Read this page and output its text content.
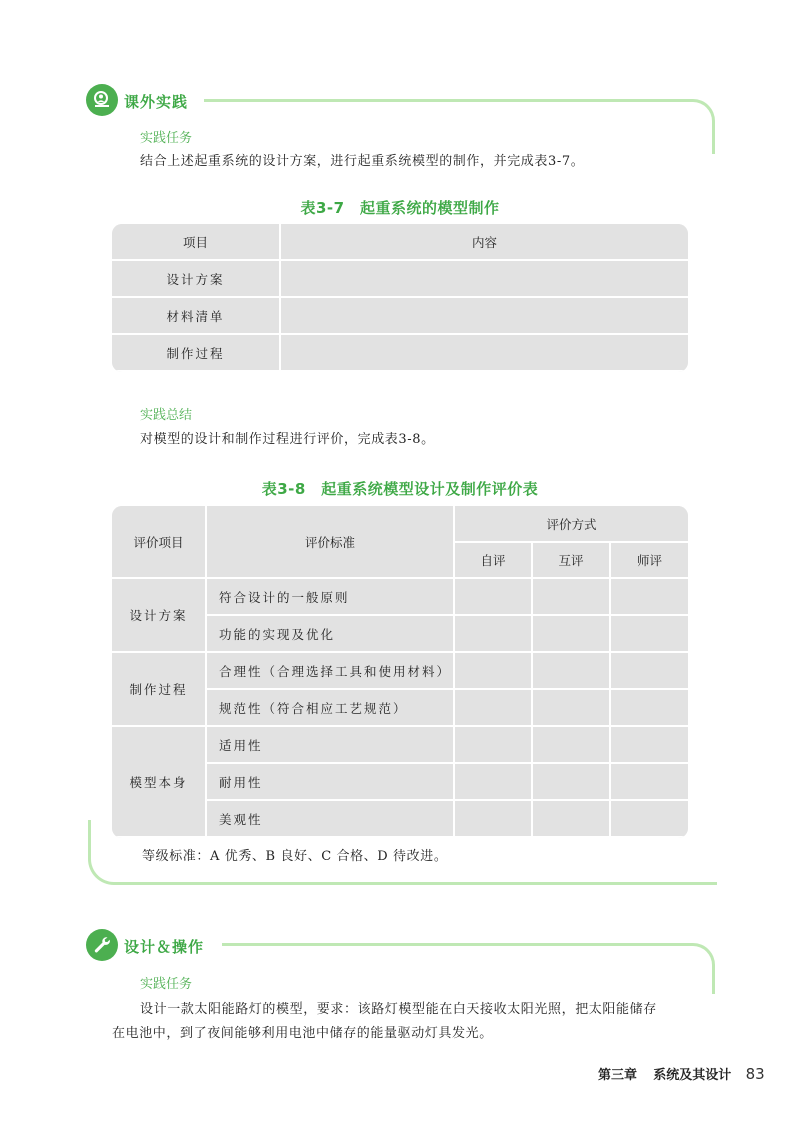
课外实践
实践任务
结合上述起重系统的设计方案，进行起重系统模型的制作，并完成表3-7。
表3-7　起重系统的模型制作
项目	内容
设计方案	
材料清单	
制作过程	
实践总结
对模型的设计和制作过程进行评价，完成表3-8。
表3-8　起重系统模型设计及制作评价表
评价项目	评价标准	评价方式		
		自评	互评	师评
设计方案	符合设计的一般原则			
	功能的实现及优化			
制作过程	合理性（合理选择工具和使用材料）			
	规范性（符合相应工艺规范）			
模型本身	适用性			
	耐用性			
	美观性			
等级标准：A 优秀、B 良好、C 合格、D 待改进。
设计＆操作
实践任务
设计一款太阳能路灯的模型，要求：该路灯模型能在白天接收太阳光照，把太阳能储存
在电池中，到了夜间能够利用电池中储存的能量驱动灯具发光。
第三章 系统及其设计 83
